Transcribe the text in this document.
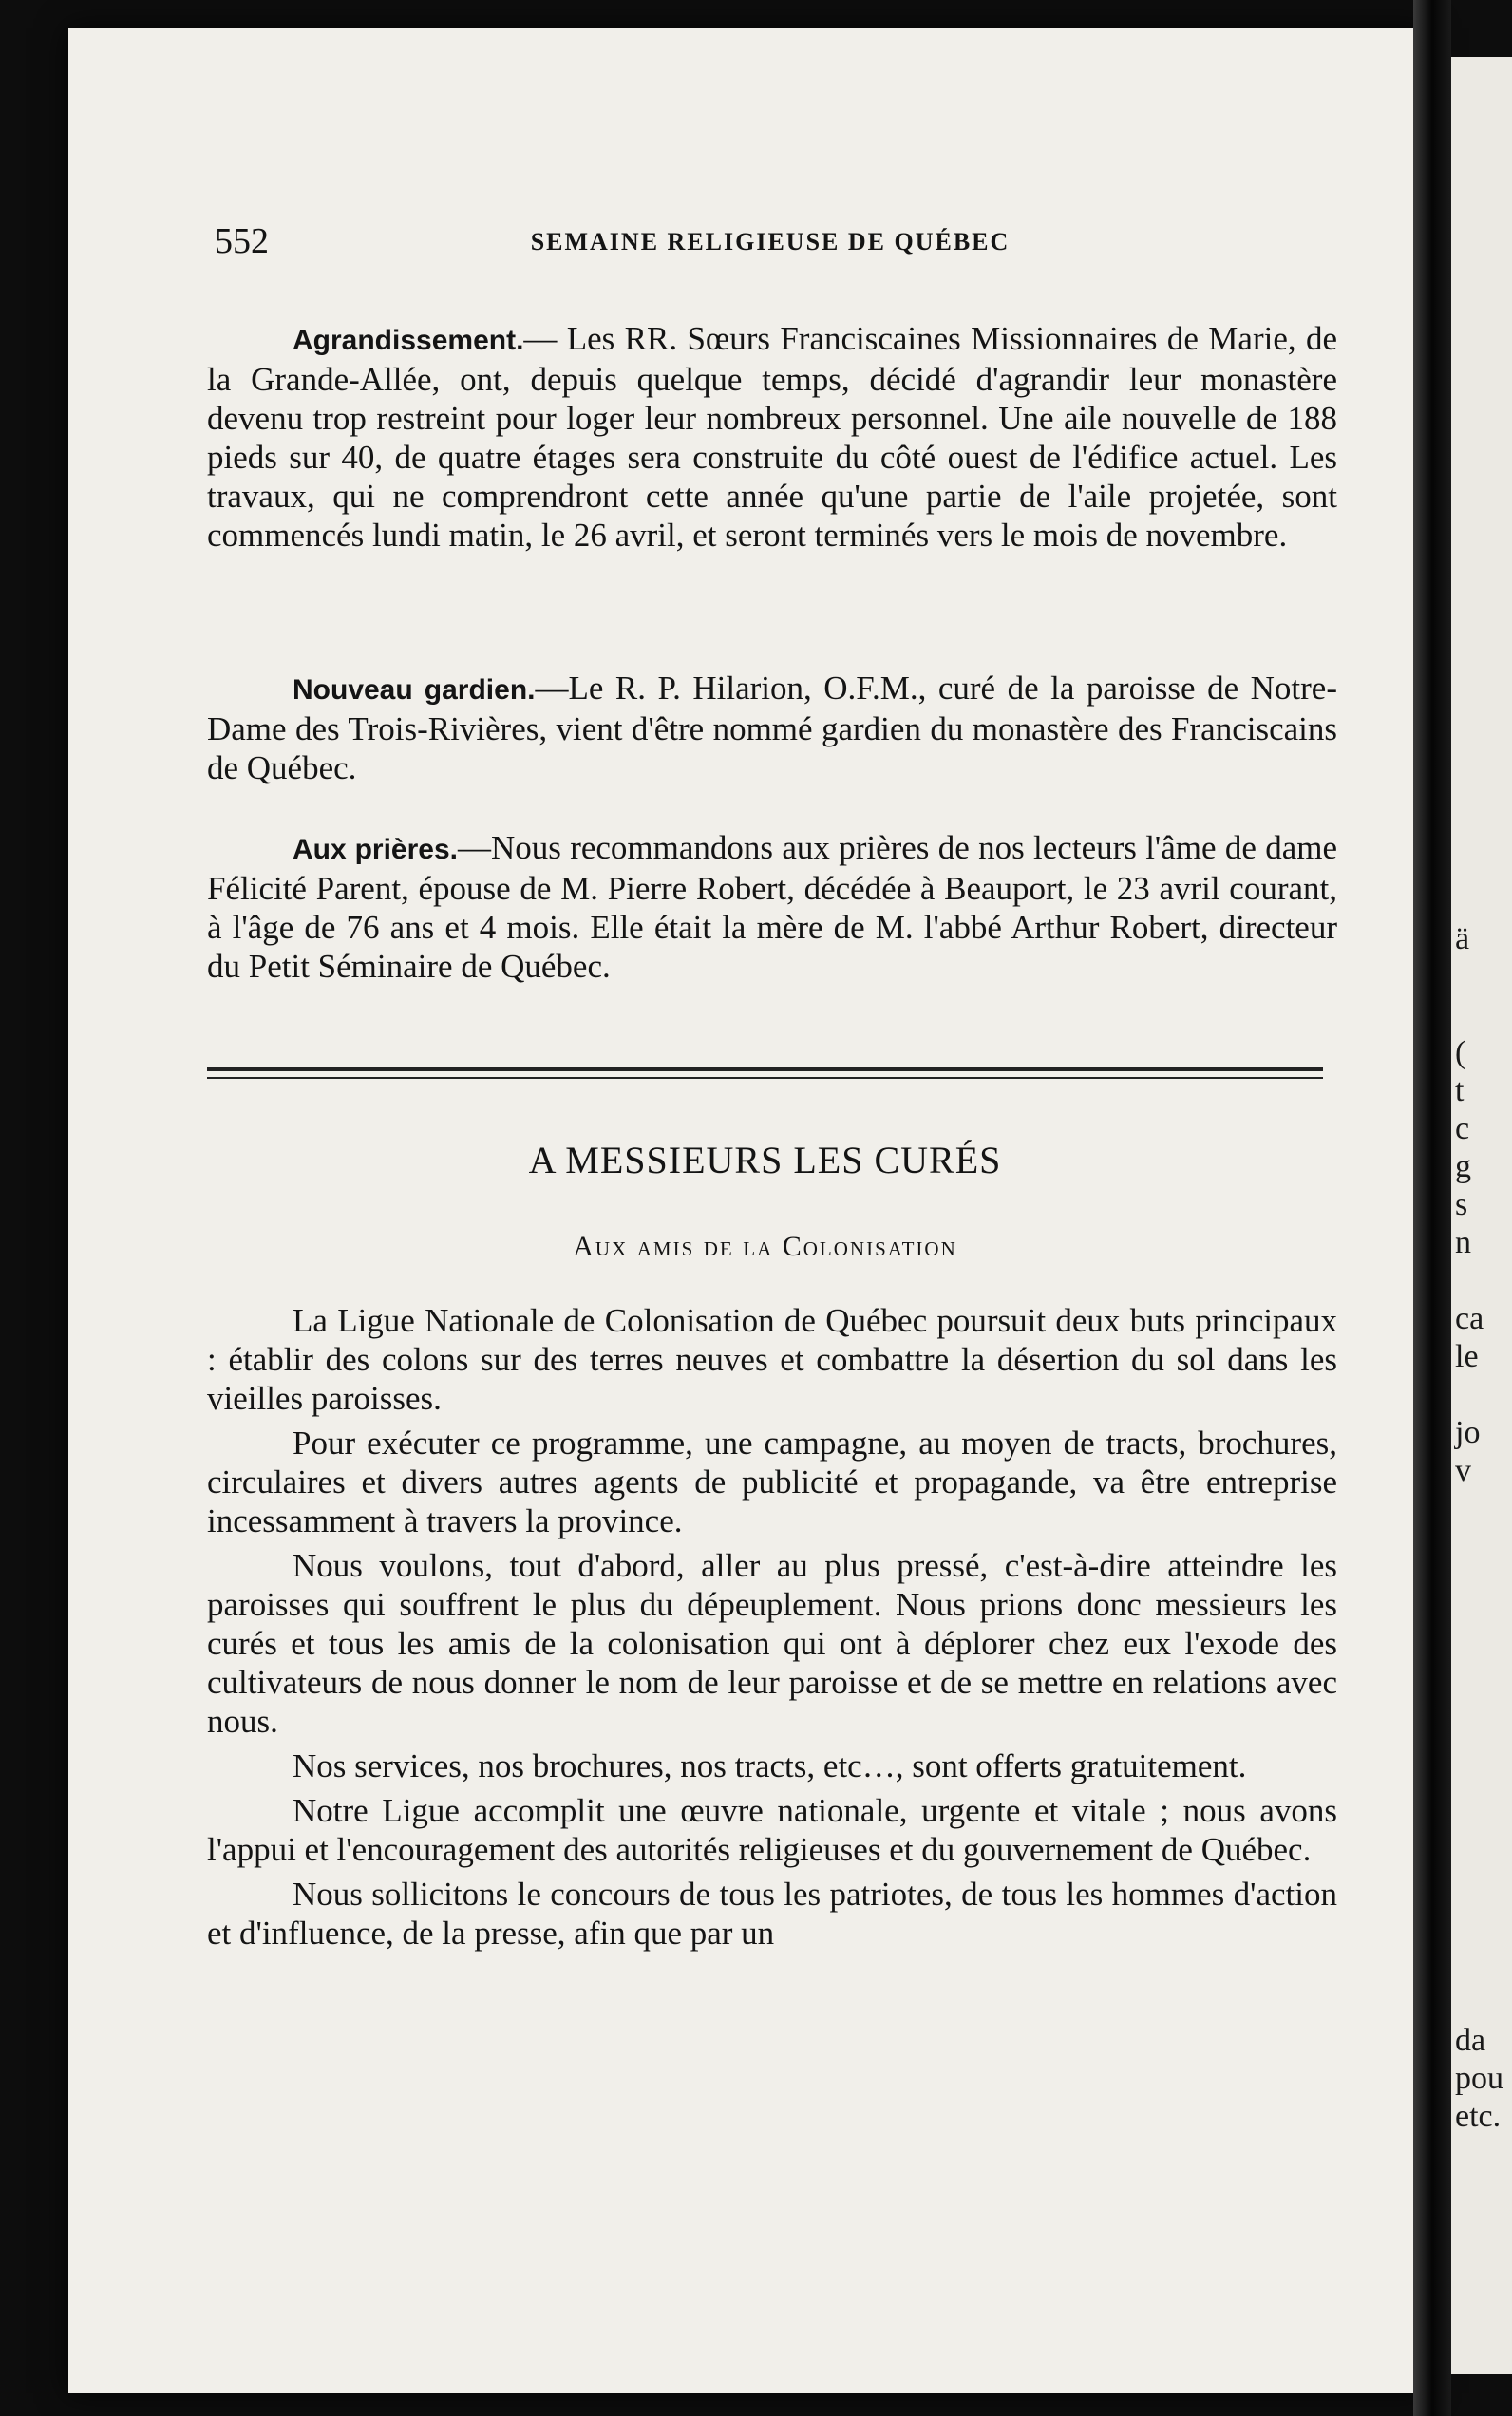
ä
(
t
c
g
s
n
ca
le
jo
v
da
pou
etc.
552	SEMAINE RELIGIEUSE DE QUÉBEC

Agrandissement.— Les RR. Sœurs Franciscaines Missionnaires de Marie, de la Grande-Allée, ont, depuis quelque temps, décidé d'agrandir leur monastère devenu trop restreint pour loger leur nombreux personnel. Une aile nouvelle de 188 pieds sur 40, de quatre étages sera construite du côté ouest de l'édifice actuel. Les travaux, qui ne comprendront cette année qu'une partie de l'aile projetée, sont commencés lundi matin, le 26 avril, et seront terminés vers le mois de novembre.

Nouveau gardien.—Le R. P. Hilarion, O.F.M., curé de la paroisse de Notre-Dame des Trois-Rivières, vient d'être nommé gardien du monastère des Franciscains de Québec.

Aux prières.—Nous recommandons aux prières de nos lecteurs l'âme de dame Félicité Parent, épouse de M. Pierre Robert, décédée à Beauport, le 23 avril courant, à l'âge de 76 ans et 4 mois. Elle était la mère de M. l'abbé Arthur Robert, directeur du Petit Séminaire de Québec.

A MESSIEURS LES CURÉS
Aux amis de la Colonisation

La Ligue Nationale de Colonisation de Québec poursuit deux buts principaux : établir des colons sur des terres neuves et combattre la désertion du sol dans les vieilles paroisses.

Pour exécuter ce programme, une campagne, au moyen de tracts, brochures, circulaires et divers autres agents de publicité et propagande, va être entreprise incessamment à travers la province.

Nous voulons, tout d'abord, aller au plus pressé, c'est-à-dire atteindre les paroisses qui souffrent le plus du dépeuplement. Nous prions donc messieurs les curés et tous les amis de la colonisation qui ont à déplorer chez eux l'exode des cultivateurs de nous donner le nom de leur paroisse et de se mettre en relations avec nous.

Nos services, nos brochures, nos tracts, etc…, sont offerts gratuitement.

Notre Ligue accomplit une œuvre nationale, urgente et vitale ; nous avons l'appui et l'encouragement des autorités religieuses et du gouvernement de Québec.

Nous sollicitons le concours de tous les patriotes, de tous les hommes d'action et d'influence, de la presse, afin que par un
